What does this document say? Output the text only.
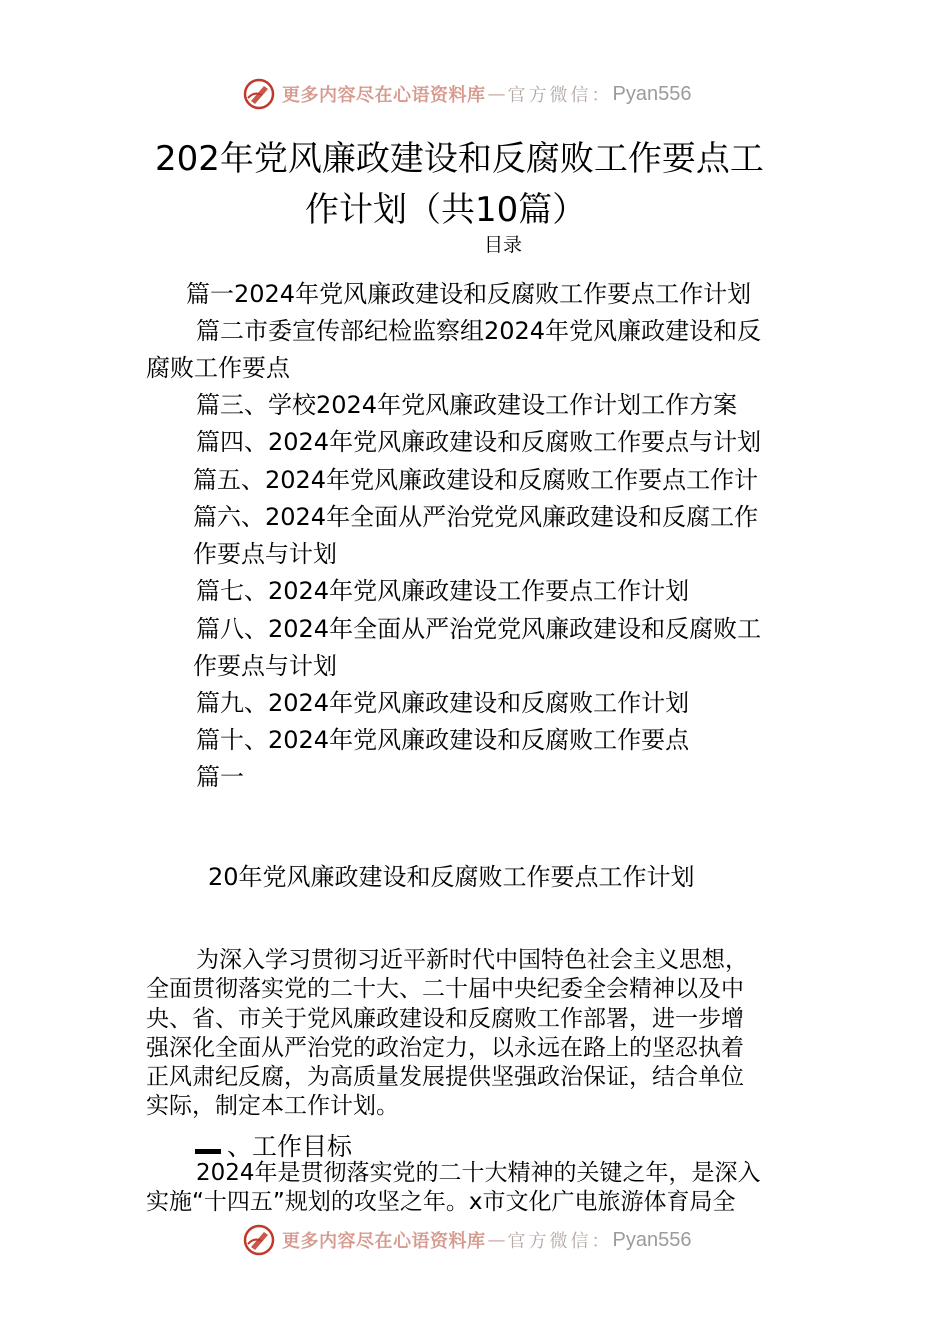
更多内容尽在心语资料库 — 官方微信： Pyan556
202年党风廉政建设和反腐败工作要点工
作计划（共10篇）
目录
篇一2024年党风廉政建设和反腐败工作要点工作计划
篇二市委宣传部纪检监察组2024年党风廉政建设和反
腐败工作要点
篇三、学校2024年党风廉政建设工作计划工作方案
篇四、2024年党风廉政建设和反腐败工作要点与计划
篇五、2024年党风廉政建设和反腐败工作要点工作计
篇六、2024年全面从严治党党风廉政建设和反腐工作
作要点与计划
篇七、2024年党风廉政建设工作要点工作计划
篇八、2024年全面从严治党党风廉政建设和反腐败工
作要点与计划
篇九、2024年党风廉政建设和反腐败工作计划
篇十、2024年党风廉政建设和反腐败工作要点
篇一
20年党风廉政建设和反腐败工作要点工作计划
为深入学习贯彻习近平新时代中国特色社会主义思想，
全面贯彻落实党的二十大、二十届中央纪委全会精神以及中
央、省、市关于党风廉政建设和反腐败工作部署，进一步增
强深化全面从严治党的政治定力，以永远在路上的坚忍执着
正风肃纪反腐，为高质量发展提供坚强政治保证，结合单位
实际，制定本工作计划。
、工作目标
2024年是贯彻落实党的二十大精神的关键之年，是深入
实施“十四五”规划的攻坚之年。x市文化广电旅游体育局全
更多内容尽在心语资料库 — 官方微信： Pyan556
